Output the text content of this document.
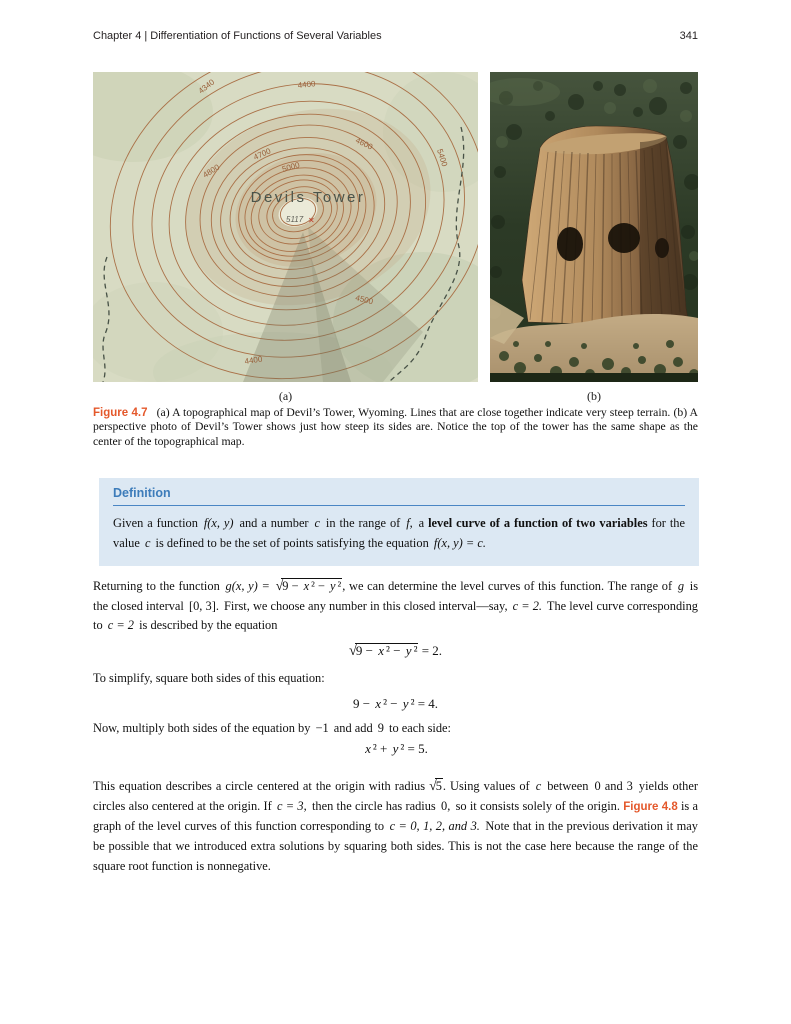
Chapter 4 | Differentiation of Functions of Several Variables	341
4340	4400
4600
4700
4800	5000	5400
4500
4400
Devils Tower
5117 ✕
(a)	(b)
Figure 4.7 (a) A topographical map of Devil’s Tower, Wyoming. Lines that are close together indicate very steep terrain. (b) A perspective photo of Devil’s Tower shows just how steep its sides are. Notice the top of the tower has the same shape as the center of the topographical map.
Definition
Given a function f(x, y) and a number c in the range of f, a level curve of a function of two variables for the value c is defined to be the set of points satisfying the equation f(x, y) = c.
Returning to the function g(x, y) = √9 − x ² − y ², we can determine the level curves of this function. The range of g is the closed interval [0, 3]. First, we choose any number in this closed interval—say, c = 2. The level curve corresponding to c = 2 is described by the equation
√9 − x ² − y ² = 2.
To simplify, square both sides of this equation:
9 − x ² − y ² = 4.
Now, multiply both sides of the equation by −1 and add 9 to each side:
x ² + y ² = 5.
This equation describes a circle centered at the origin with radius √5. Using values of c between 0 and 3 yields other circles also centered at the origin. If c = 3, then the circle has radius 0, so it consists solely of the origin. Figure 4.8 is a graph of the level curves of this function corresponding to c = 0, 1, 2, and 3. Note that in the previous derivation it may be possible that we introduced extra solutions by squaring both sides. This is not the case here because the range of the square root function is nonnegative.
